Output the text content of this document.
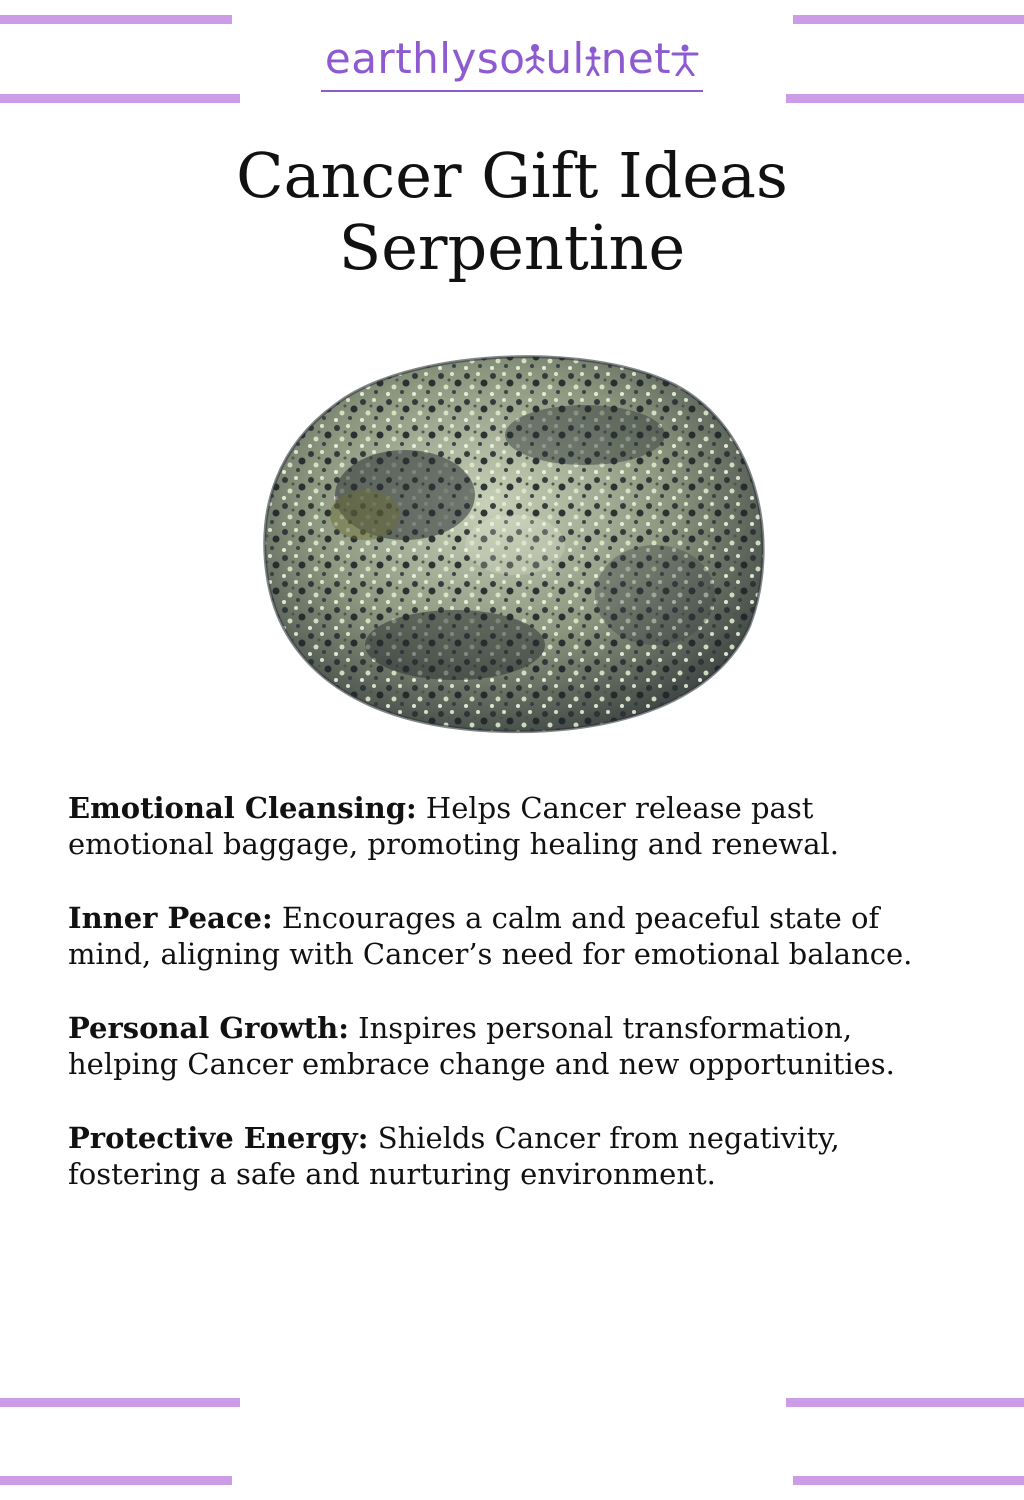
earthlyso ul net
Cancer Gift Ideas
Serpentine
Emotional Cleansing: Helps Cancer release past emotional baggage, promoting healing and renewal.
Inner Peace: Encourages a calm and peaceful state of mind, aligning with Cancer’s need for emotional balance.
Personal Growth: Inspires personal transformation, helping Cancer embrace change and new opportunities.
Protective Energy: Shields Cancer from negativity, fostering a safe and nurturing environment.
